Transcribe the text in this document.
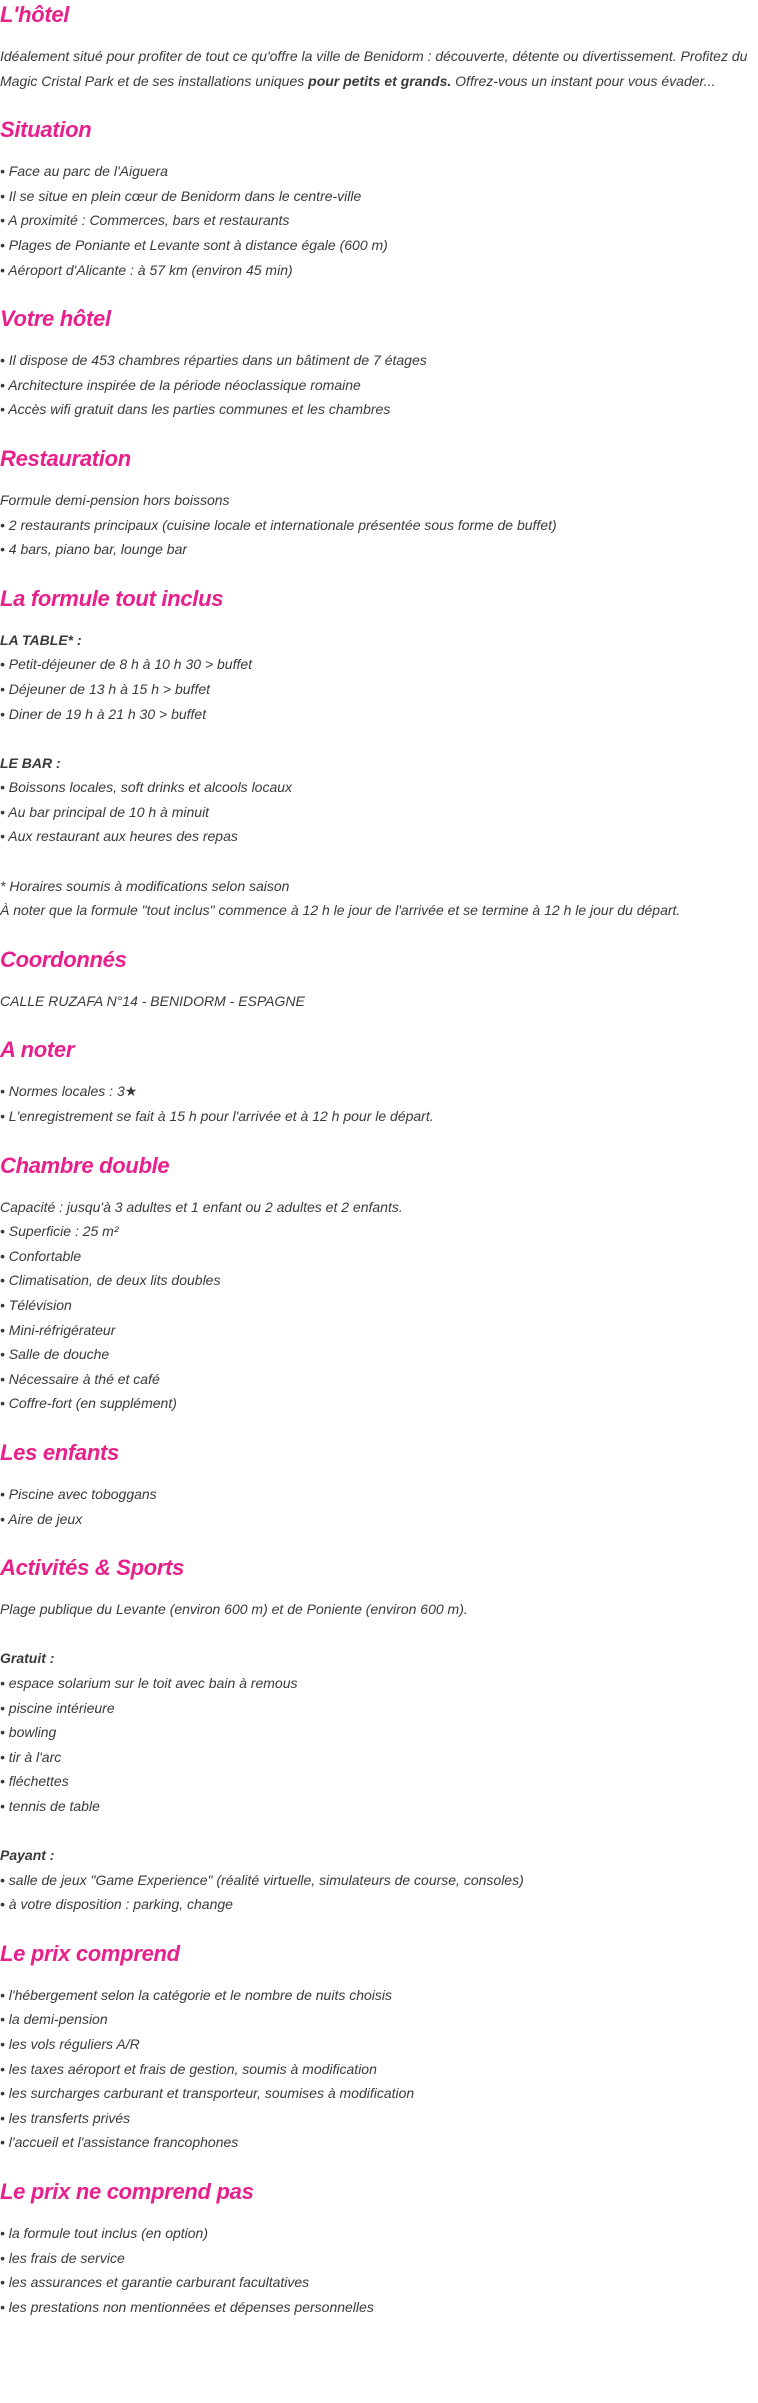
L'hôtel

Idéalement situé pour profiter de tout ce qu'offre la ville de Benidorm : découverte, détente ou divertissement. Profitez du Magic Cristal Park et de ses installations uniques pour petits et grands. Offrez-vous un instant pour vous évader...

Situation

• Face au parc de l'Aiguera

• Il se situe en plein cœur de Benidorm dans le centre-ville

• A proximité : Commerces, bars et restaurants

• Plages de Poniante et Levante sont à distance égale (600 m)

• Aéroport d'Alicante : à 57 km (environ 45 min)

Votre hôtel

• Il dispose de 453 chambres réparties dans un bâtiment de 7 étages

• Architecture inspirée de la période néoclassique romaine

• Accès wifi gratuit dans les parties communes et les chambres

Restauration

Formule demi-pension hors boissons

• 2 restaurants principaux (cuisine locale et internationale présentée sous forme de buffet)

• 4 bars, piano bar, lounge bar

La formule tout inclus

LA TABLE* :

• Petit-déjeuner de 8 h à 10 h 30 > buffet

• Déjeuner de 13 h à 15 h > buffet

• Diner de 19 h à 21 h 30 > buffet

LE BAR :

• Boissons locales, soft drinks et alcools locaux

• Au bar principal de 10 h à minuit

• Aux restaurant aux heures des repas

* Horaires soumis à modifications selon saison

À noter que la formule "tout inclus" commence à 12 h le jour de l'arrivée et se termine à 12 h le jour du départ.

Coordonnés

CALLE RUZAFA N°14 - BENIDORM - ESPAGNE

A noter

• Normes locales : 3★

• L'enregistrement se fait à 15 h pour l'arrivée et à 12 h pour le départ.

Chambre double

Capacité : jusqu'à 3 adultes et 1 enfant ou 2 adultes et 2 enfants.

• Superficie : 25 m²

• Confortable

• Climatisation, de deux lits doubles

• Télévision

• Mini-réfrigérateur

• Salle de douche

• Nécessaire à thé et café

• Coffre-fort (en supplément)

Les enfants

• Piscine avec toboggans

• Aire de jeux

Activités & Sports

Plage publique du Levante (environ 600 m) et de Poniente (environ 600 m).

Gratuit :

• espace solarium sur le toit avec bain à remous

• piscine intérieure

• bowling

• tir à l'arc

• fléchettes

• tennis de table

Payant :

• salle de jeux "Game Experience" (réalité virtuelle, simulateurs de course, consoles)

• à votre disposition : parking, change

Le prix comprend

• l'hébergement selon la catégorie et le nombre de nuits choisis

• la demi-pension

• les vols réguliers A/R

• les taxes aéroport et frais de gestion, soumis à modification

• les surcharges carburant et transporteur, soumises à modification

• les transferts privés

• l'accueil et l'assistance francophones

Le prix ne comprend pas

• la formule tout inclus (en option)

• les frais de service

• les assurances et garantie carburant facultatives

• les prestations non mentionnées et dépenses personnelles
